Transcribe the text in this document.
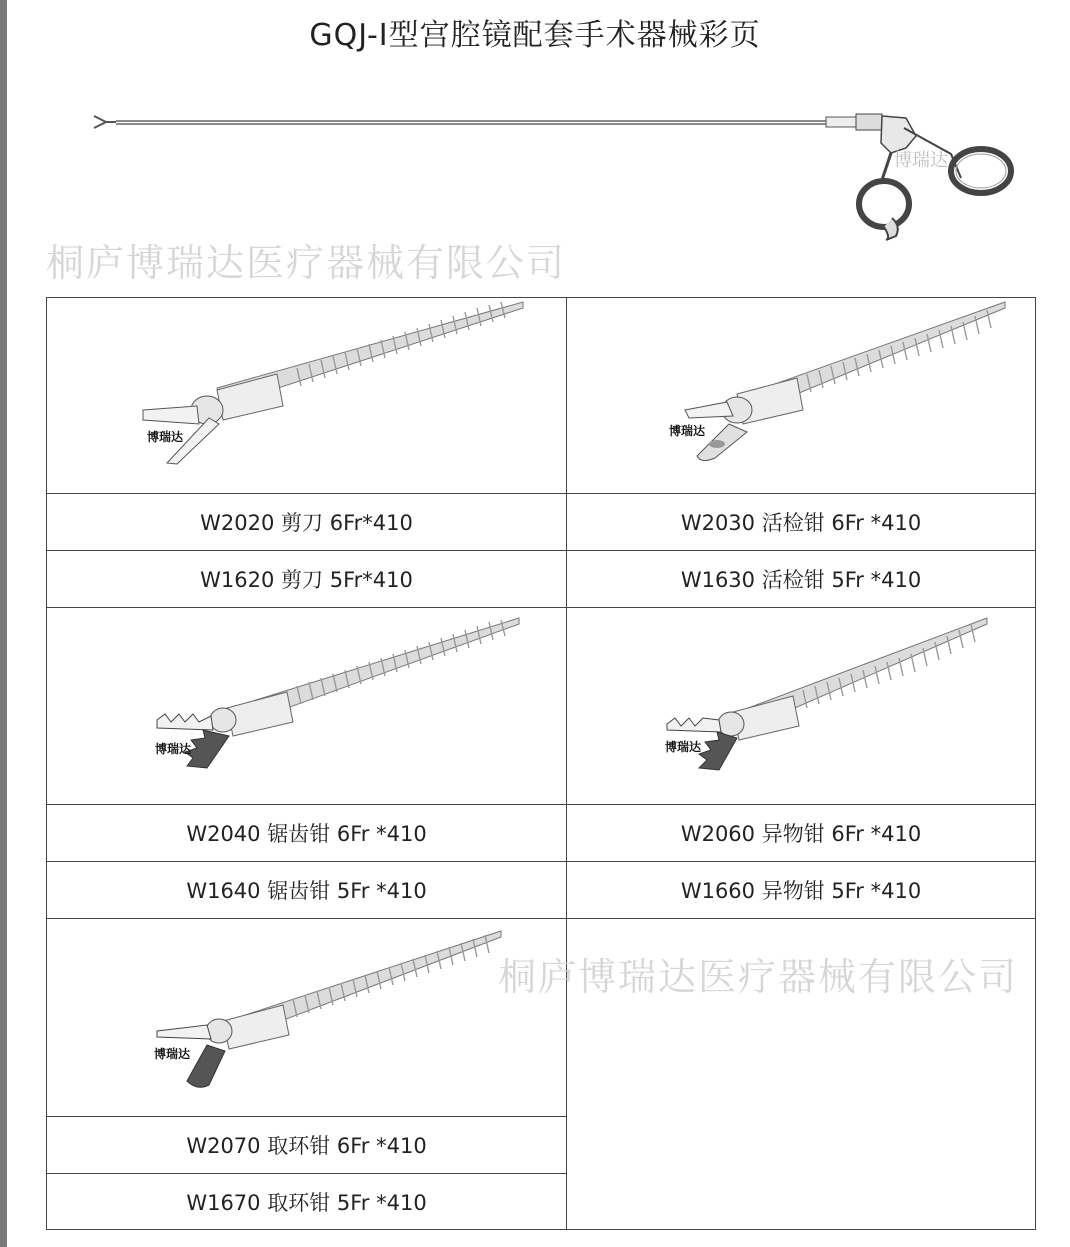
GQJ-Ⅰ型宫腔镜配套手术器械彩页
博瑞达
博瑞达	博瑞达
W2020 剪刀 6Fr*410	W2030 活检钳 6Fr *410
W1620 剪刀 5Fr*410	W1630 活检钳 5Fr *410
博瑞达	博瑞达
W2040 锯齿钳 6Fr *410	W2060 异物钳 6Fr *410
W1640 锯齿钳 5Fr *410	W1660 异物钳 5Fr *410
博瑞达
W2070 取环钳 6Fr *410
W1670 取环钳 5Fr *410
桐庐博瑞达医疗器械有限公司
桐庐博瑞达医疗器械有限公司
